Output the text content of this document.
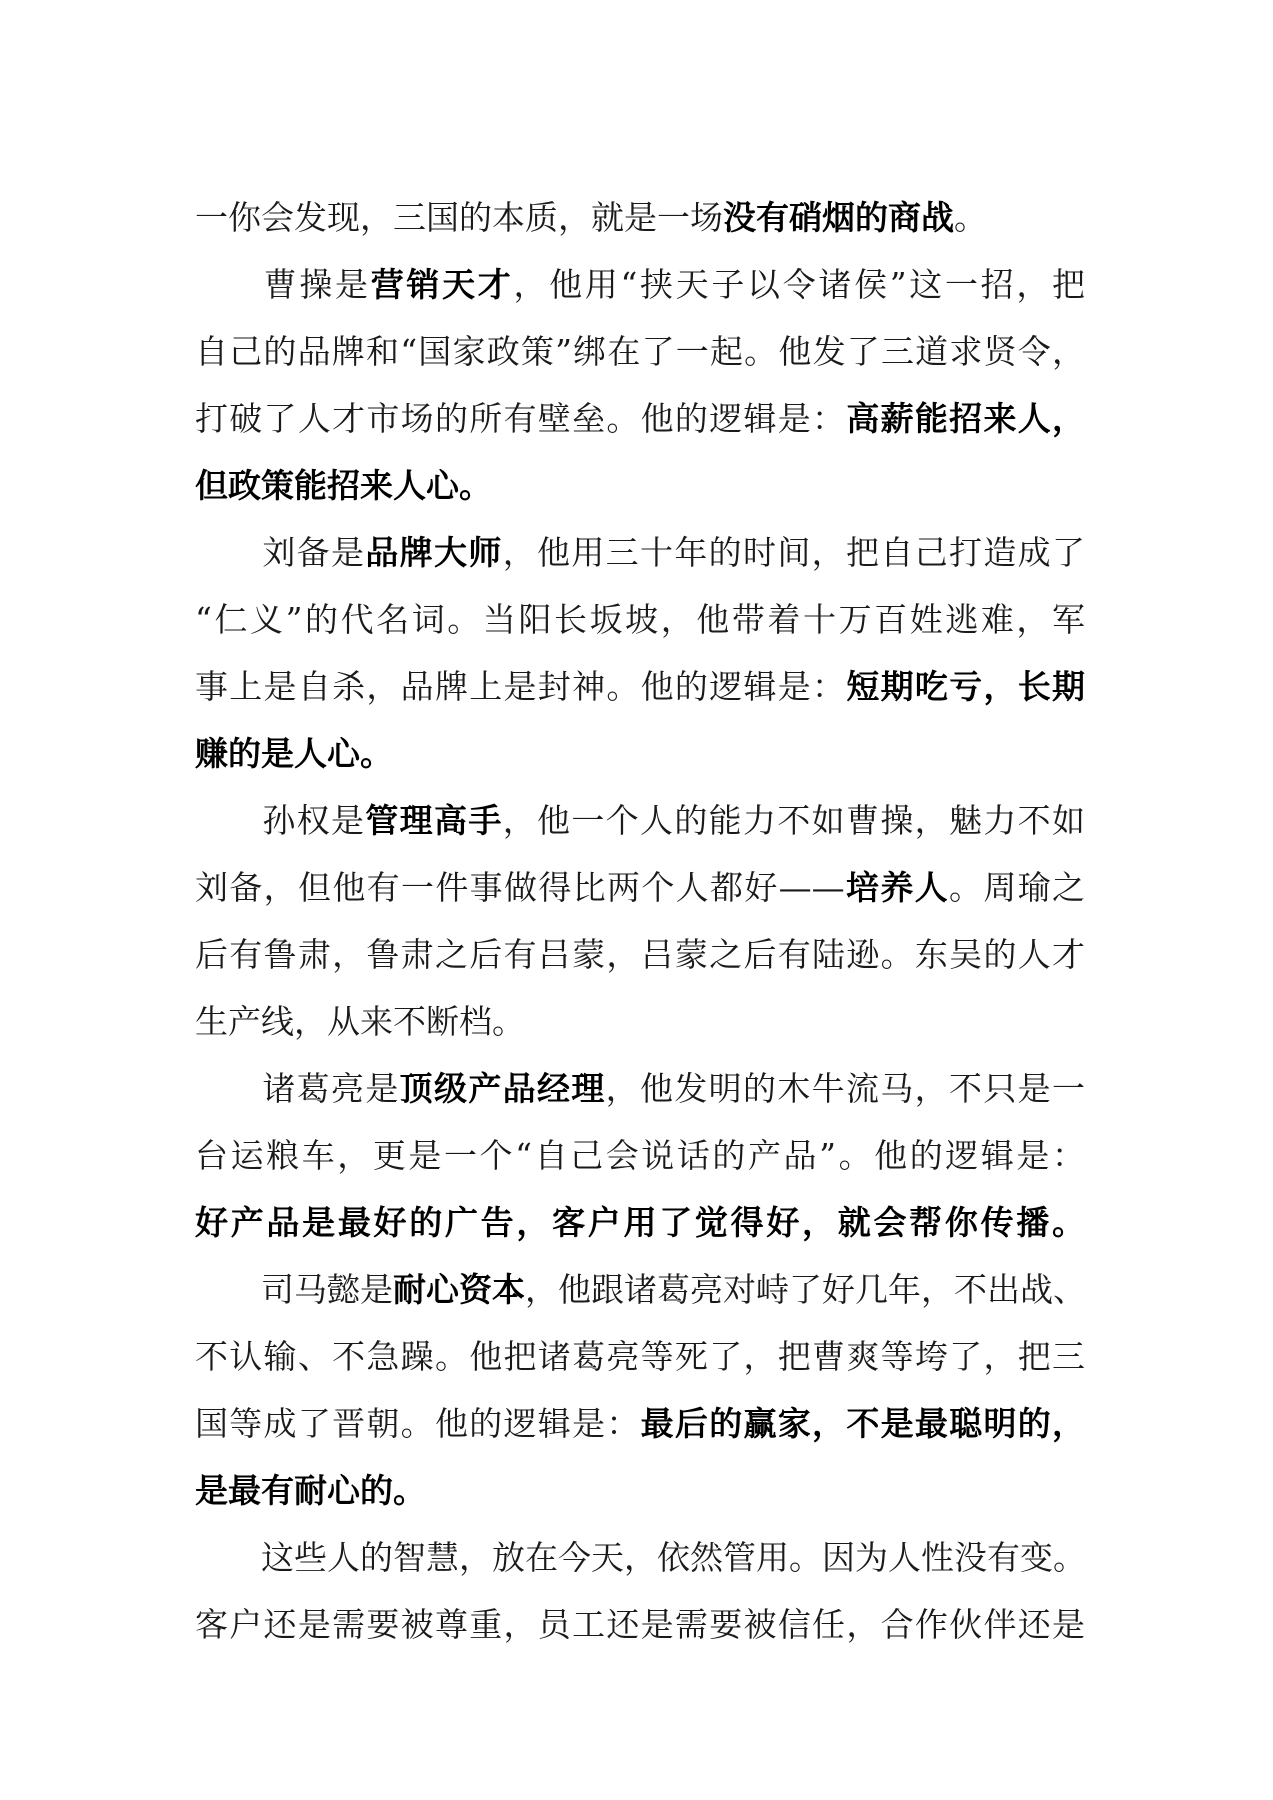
一你会发现，三国的本质，就是一场没有硝烟的商战。
曹操是营销天才，他用“挟天子以令诸侯”这一招，把
自己的品牌和“国家政策”绑在了一起。他发了三道求贤令，
打破了人才市场的所有壁垒。他的逻辑是：高薪能招来人，
但政策能招来人心。
刘备是品牌大师，他用三十年的时间，把自己打造成了
“仁义”的代名词。当阳长坂坡，他带着十万百姓逃难，军
事上是自杀，品牌上是封神。他的逻辑是：短期吃亏，长期
赚的是人心。
孙权是管理高手，他一个人的能力不如曹操，魅力不如
刘备，但他有一件事做得比两个人都好——培养人。周瑜之
后有鲁肃，鲁肃之后有吕蒙，吕蒙之后有陆逊。东吴的人才
生产线，从来不断档。
诸葛亮是顶级产品经理，他发明的木牛流马，不只是一
台运粮车，更是一个“自己会说话的产品”。他的逻辑是：
好产品是最好的广告，客户用了觉得好，就会帮你传播。
司马懿是耐心资本，他跟诸葛亮对峙了好几年，不出战、
不认输、不急躁。他把诸葛亮等死了，把曹爽等垮了，把三
国等成了晋朝。他的逻辑是：最后的赢家，不是最聪明的，
是最有耐心的。
这些人的智慧，放在今天，依然管用。因为人性没有变。
客户还是需要被尊重，员工还是需要被信任，合作伙伴还是
